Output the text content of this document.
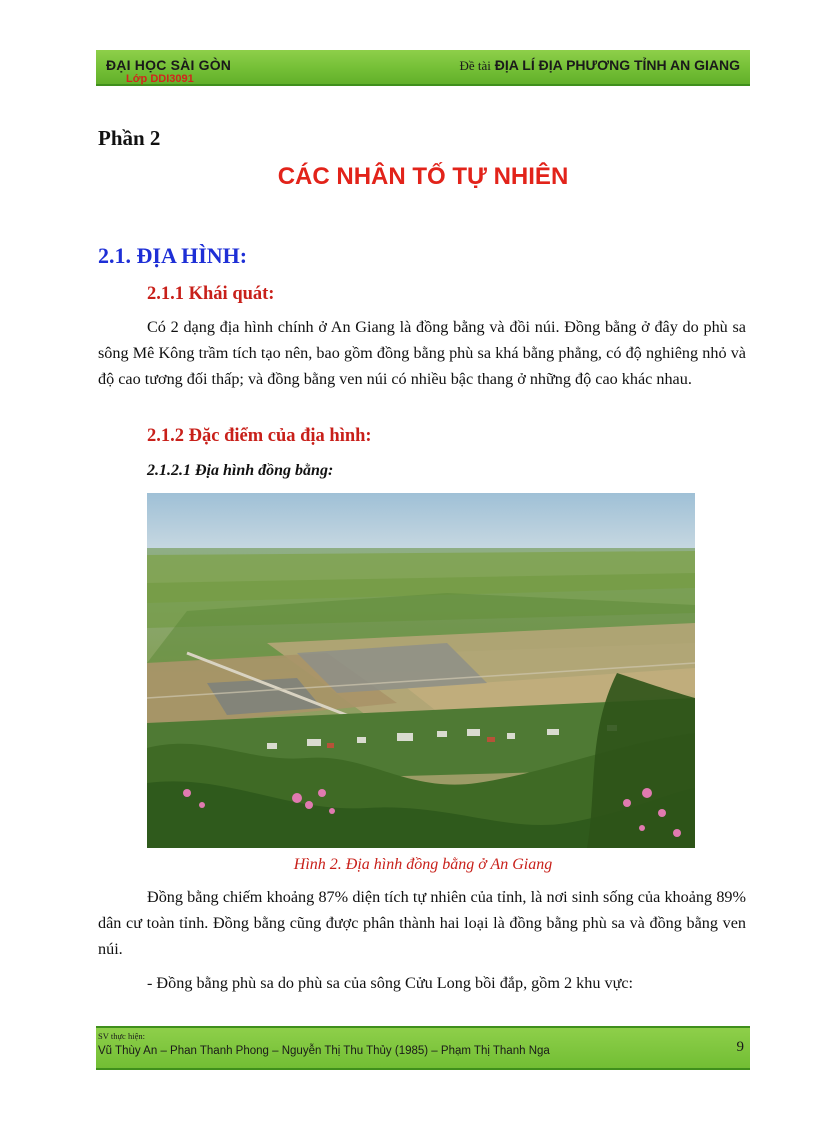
ĐẠI HỌC SÀI GÒN
Lớp DDI3091
Đề tài ĐỊA LÍ ĐỊA PHƯƠNG TỈNH AN GIANG
Phần 2
CÁC NHÂN TỐ TỰ NHIÊN
2.1. ĐỊA HÌNH:
2.1.1 Khái quát:

Có 2 dạng địa hình chính ở An Giang là đồng bằng và đồi núi. Đồng bằng ở đây do phù sa sông Mê Kông trầm tích tạo nên, bao gồm đồng bằng phù sa khá bằng phẳng, có độ nghiêng nhỏ và độ cao tương đối thấp; và đồng bằng ven núi có nhiều bậc thang ở những độ cao khác nhau.

2.1.2 Đặc điểm của địa hình:
2.1.2.1 Địa hình đồng bằng:
Hình 2. Địa hình đồng bằng ở An Giang

Đồng bằng chiếm khoảng 87% diện tích tự nhiên của tỉnh, là nơi sinh sống của khoảng 89% dân cư toàn tỉnh. Đồng bằng cũng được phân thành hai loại là đồng bằng phù sa và đồng bằng ven núi.

- Đồng bằng phù sa do phù sa của sông Cửu Long bồi đắp, gồm 2 khu vực:

SV thực hiện:
Vũ Thùy An – Phan Thanh Phong – Nguyễn Thị Thu Thủy (1985) – Phạm Thị Thanh Nga	9
